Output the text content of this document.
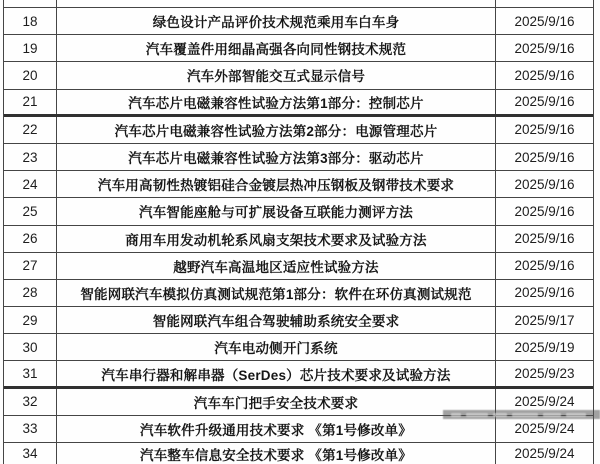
18	绿色设计产品评价技术规范乘用车白车身	2025/9/16
19	汽车覆盖件用细晶高强各向同性钢技术规范	2025/9/16
20	汽车外部智能交互式显示信号	2025/9/16
21	汽车芯片电磁兼容性试验方法第1部分：控制芯片	2025/9/16
22	汽车芯片电磁兼容性试验方法第2部分：电源管理芯片	2025/9/16
23	汽车芯片电磁兼容性试验方法第3部分：驱动芯片	2025/9/16
24	汽车用高韧性热镀铝硅合金镀层热冲压钢板及钢带技术要求	2025/9/16
25	汽车智能座舱与可扩展设备互联能力测评方法	2025/9/16
26	商用车用发动机轮系风扇支架技术要求及试验方法	2025/9/16
27	越野汽车高温地区适应性试验方法	2025/9/16
28	智能网联汽车模拟仿真测试规范第1部分：软件在环仿真测试规范	2025/9/16
29	智能网联汽车组合驾驶辅助系统安全要求	2025/9/17
30	汽车电动侧开门系统	2025/9/19
31	汽车串行器和解串器（SerDes）芯片技术要求及试验方法	2025/9/23
32	汽车车门把手安全技术要求	2025/9/24
33	汽车软件升级通用技术要求 《第1号修改单》	2025/9/24
34	汽车整车信息安全技术要求 《第1号修改单》	2025/9/24
